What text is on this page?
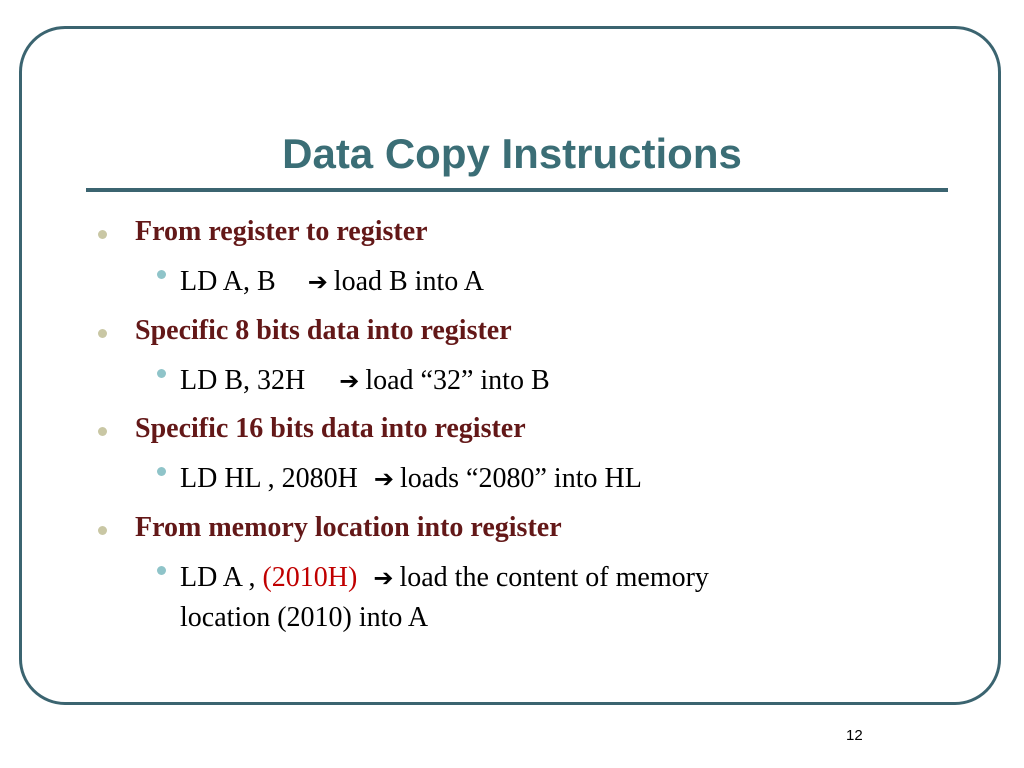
Data Copy Instructions
From register to register
LD A, B ➔ load B into A
Specific 8 bits data into register
LD B, 32H ➔ load “32” into B
Specific 16 bits data into register
LD HL , 2080H ➔ loads “2080” into HL
From memory location into register
LD A , (2010H) ➔ load the content of memory
location (2010) into A
12
